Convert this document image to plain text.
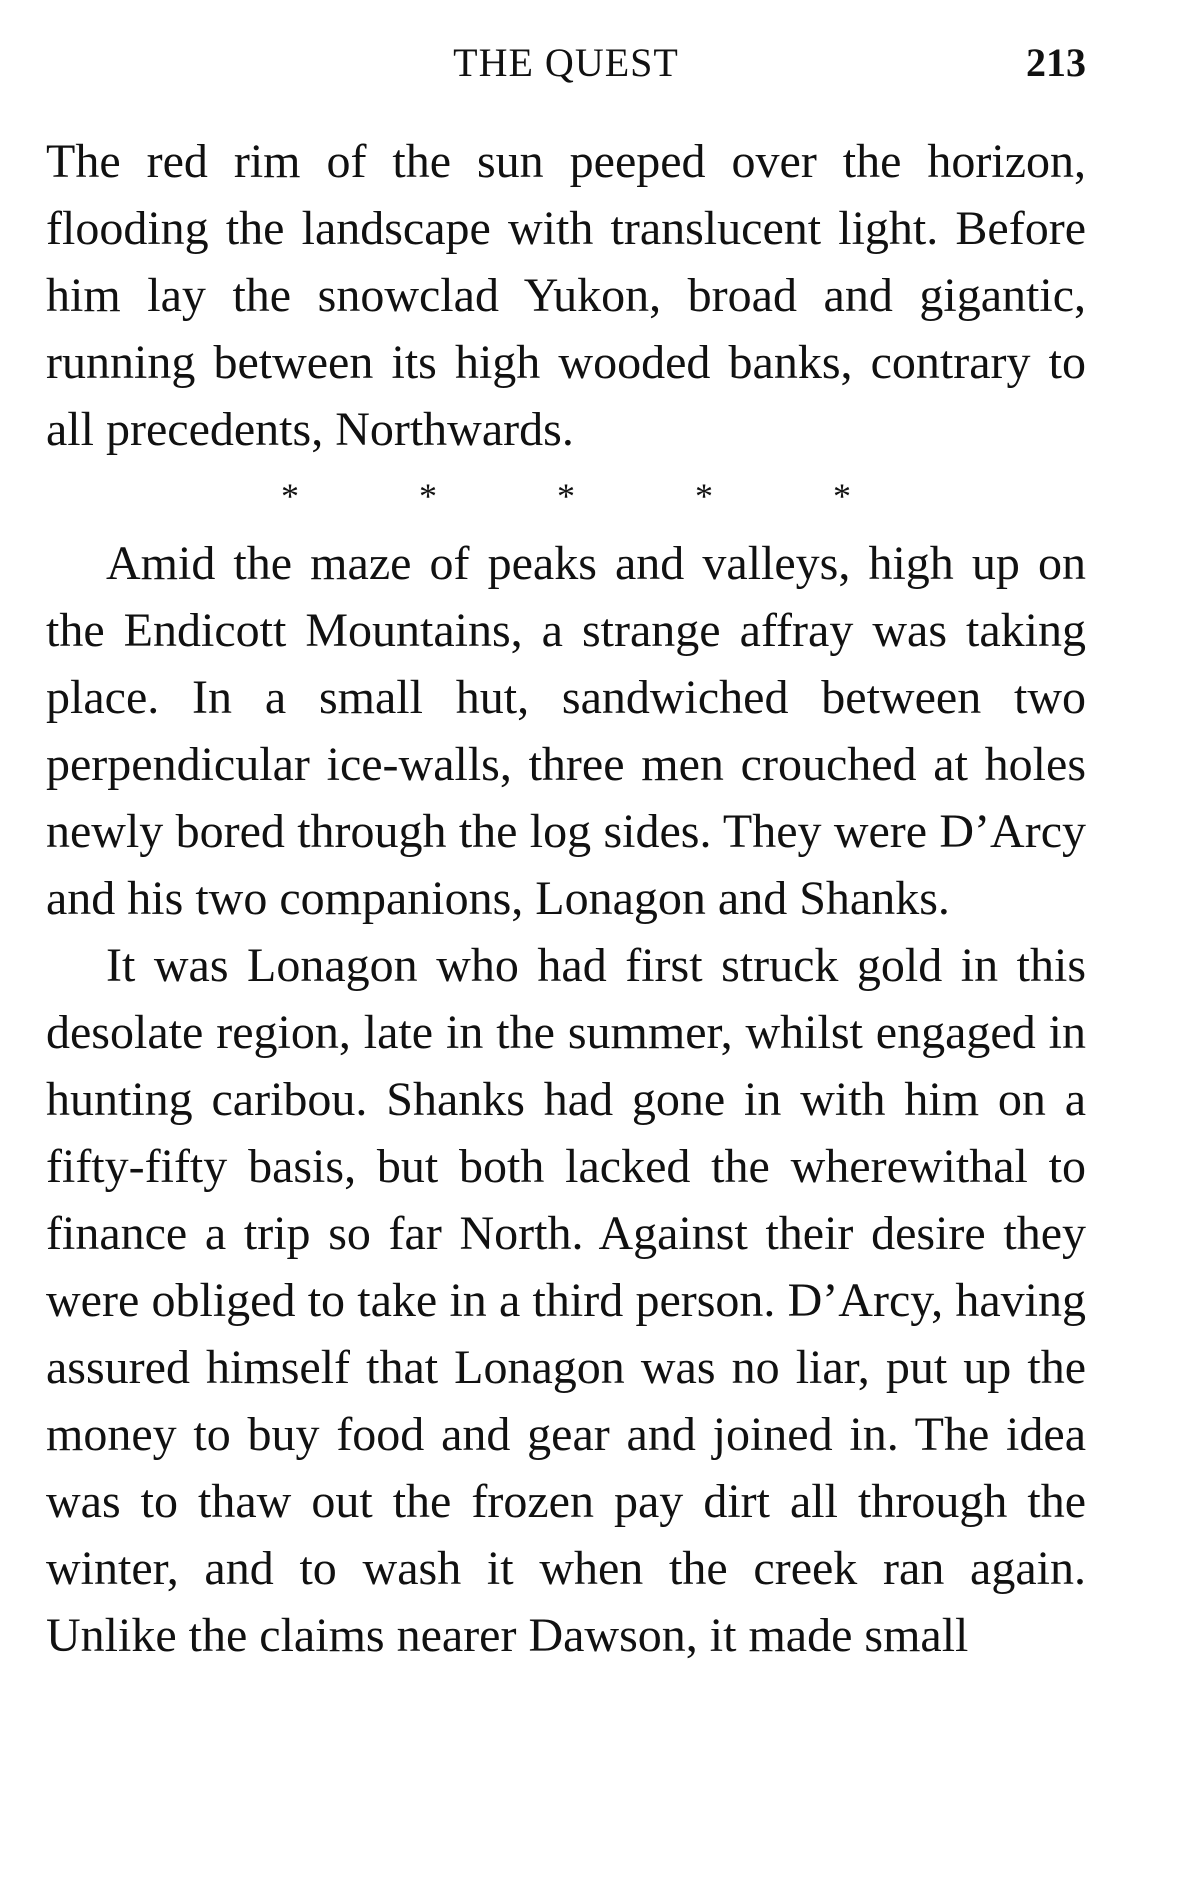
THE QUEST	213

The red rim of the sun peeped over the horizon, flooding the landscape with translucent light. Before him lay the snowclad Yukon, broad and gigantic, running between its high wooded banks, contrary to all precedents, Northwards.

*	*	*	*	*

Amid the maze of peaks and valleys, high up on the Endicott Mountains, a strange affray was taking place. In a small hut, sandwiched between two perpendicular ice-walls, three men crouched at holes newly bored through the log sides. They were D’Arcy and his two companions, Lonagon and Shanks.

It was Lonagon who had first struck gold in this desolate region, late in the summer, whilst engaged in hunting caribou. Shanks had gone in with him on a fifty-fifty basis, but both lacked the wherewithal to finance a trip so far North. Against their desire they were obliged to take in a third person. D’Arcy, having assured himself that Lonagon was no liar, put up the money to buy food and gear and joined in. The idea was to thaw out the frozen pay dirt all through the winter, and to wash it when the creek ran again. Unlike the claims nearer Dawson, it made small
